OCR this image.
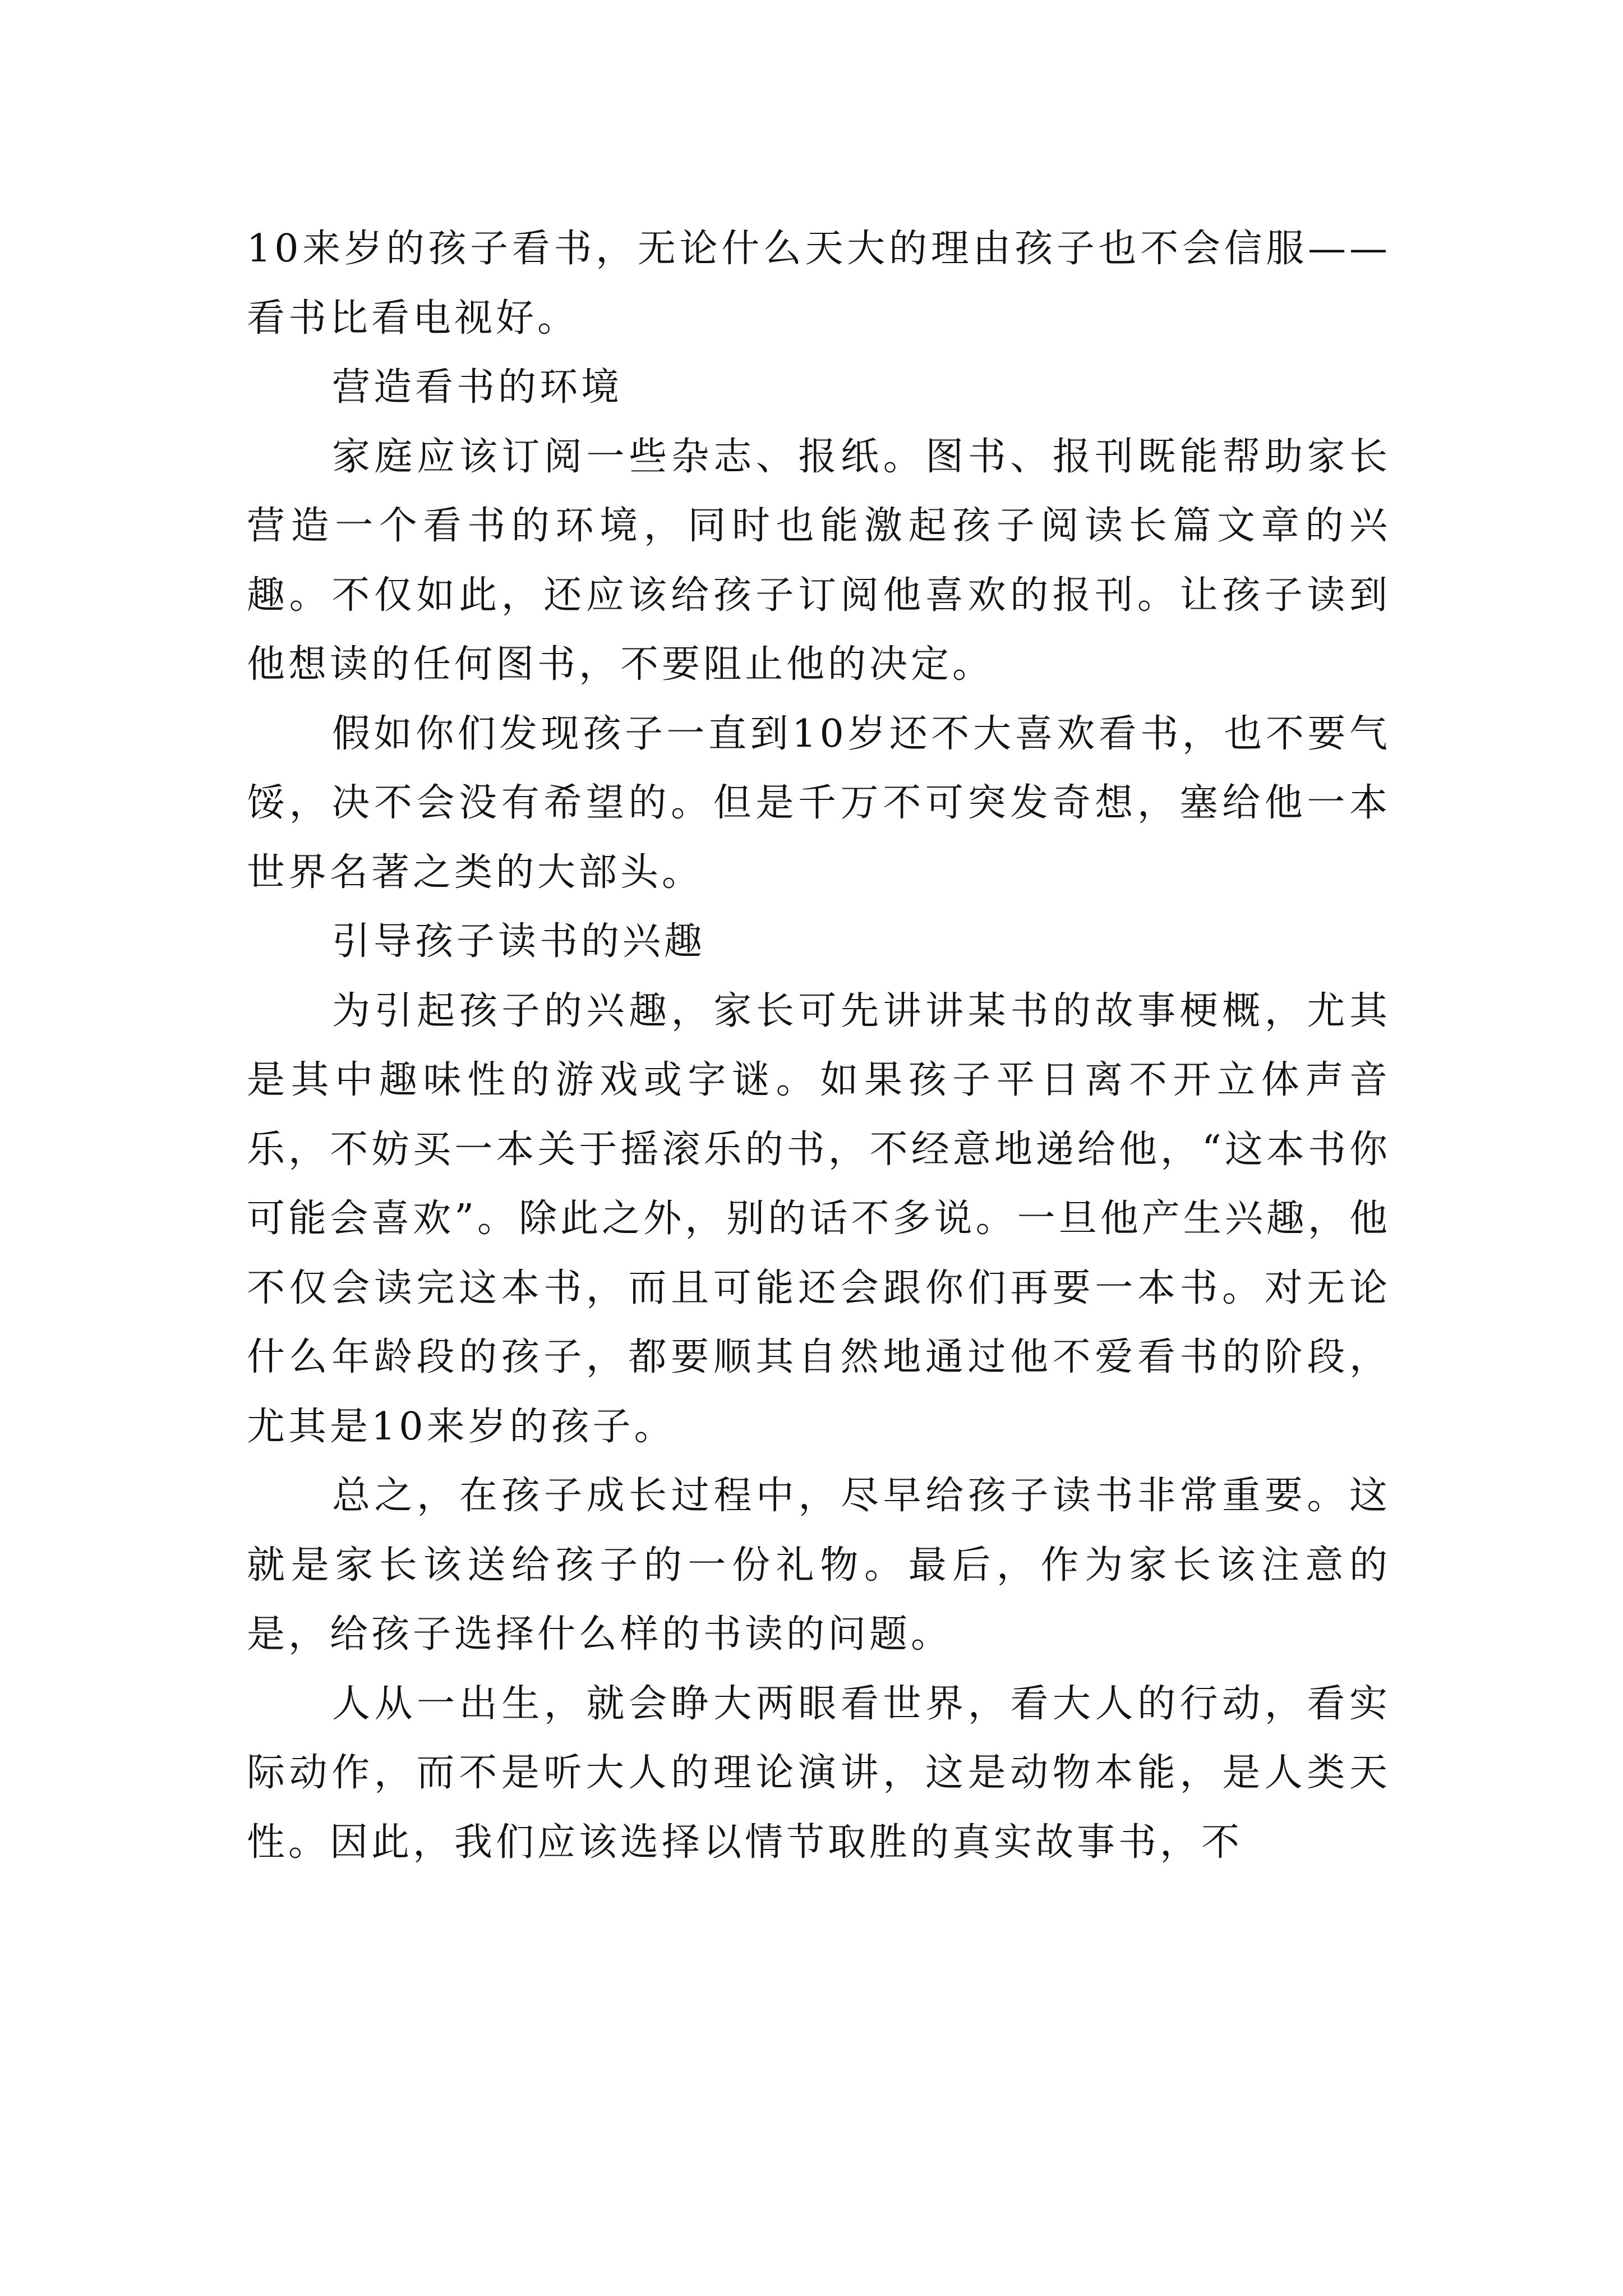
10来岁的孩子看书，无论什么天大的理由孩子也不会信服——看书比看电视好。

营造看书的环境

家庭应该订阅一些杂志、报纸。图书、报刊既能帮助家长营造一个看书的环境，同时也能激起孩子阅读长篇文章的兴趣。不仅如此，还应该给孩子订阅他喜欢的报刊。让孩子读到他想读的任何图书，不要阻止他的决定。

假如你们发现孩子一直到10岁还不大喜欢看书，也不要气馁，决不会没有希望的。但是千万不可突发奇想，塞给他一本世界名著之类的大部头。

引导孩子读书的兴趣

为引起孩子的兴趣，家长可先讲讲某书的故事梗概，尤其是其中趣味性的游戏或字谜。如果孩子平日离不开立体声音乐，不妨买一本关于摇滚乐的书，不经意地递给他，“这本书你可能会喜欢”。除此之外，别的话不多说。一旦他产生兴趣，他不仅会读完这本书，而且可能还会跟你们再要一本书。对无论什么年龄段的孩子，都要顺其自然地通过他不爱看书的阶段，尤其是10来岁的孩子。

总之，在孩子成长过程中，尽早给孩子读书非常重要。这就是家长该送给孩子的一份礼物。最后，作为家长该注意的是，给孩子选择什么样的书读的问题。

人从一出生，就会睁大两眼看世界，看大人的行动，看实际动作，而不是听大人的理论演讲，这是动物本能，是人类天性。因此，我们应该选择以情节取胜的真实故事书，不
